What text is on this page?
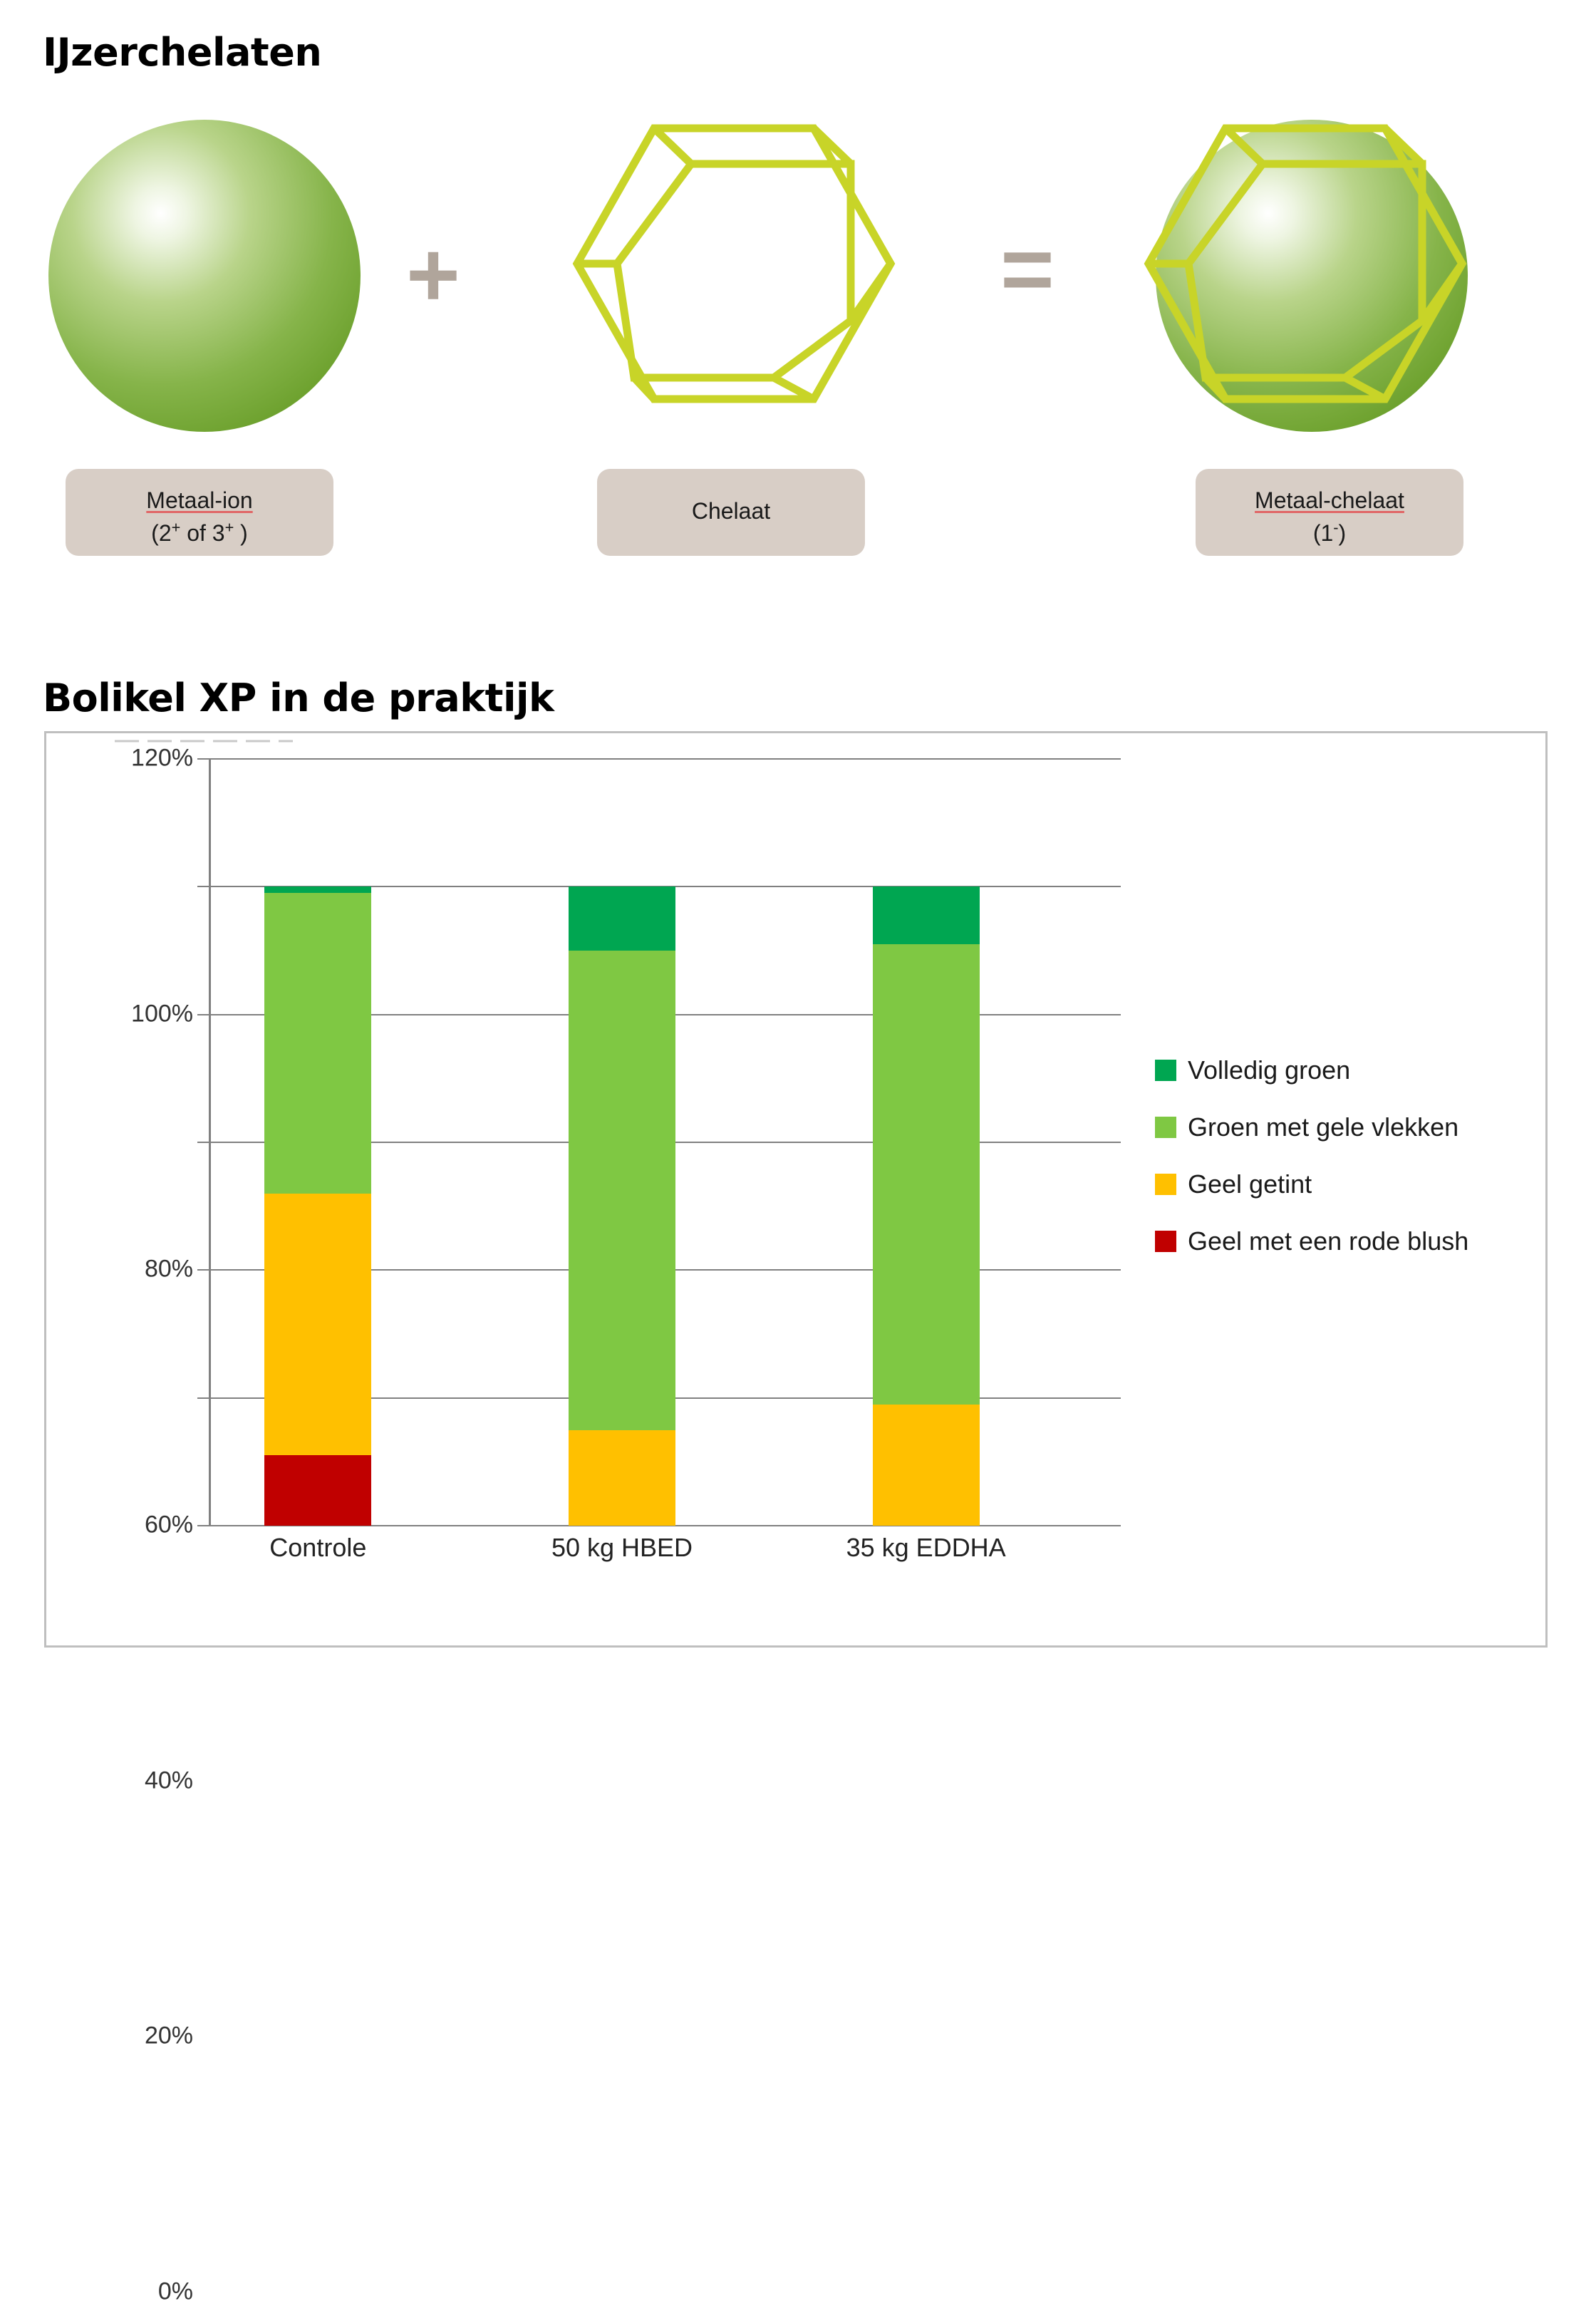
IJzerchelaten
+	=
Metaal-ion
(2+ of 3+ )
Chelaat	Metaal-chelaat
(1-)
Bolikel XP in de praktijk
0%
20%
40%
60%
80%
100%
120%
Controle	50 kg HBED	35 kg EDDHA
Volledig groen
Groen met gele vlekken
Geel getint
Geel met een rode blush
